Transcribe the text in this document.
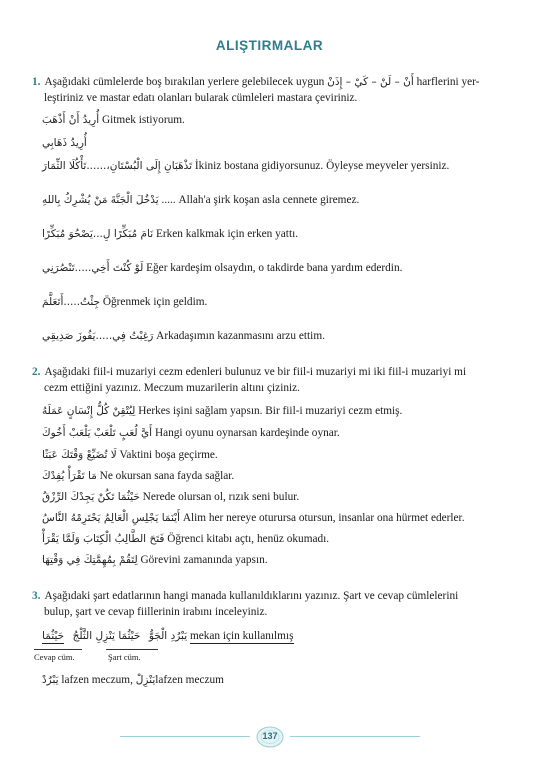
ALIŞTIRMALAR
1. Aşağıdaki cümlelerde boş bırakılan yerlere gelebilecek uygun أَنْ – لَنْ – كَيْ – إِذَنْ harflerini yer-
leştiriniz ve mastar edatı olanları bularak cümleleri mastara çeviriniz.
أُرِيدُ أَنْ أَذْهَبَ Gitmek istiyorum.
أُرِيدُ ذَهَابِي
تَذْهَبَانِ إِلَى الْبُسْتَانِ،......تَأْكُلَا الثِّمَارَ İkiniz bostana gidiyorsunuz. Öyleyse meyveler yersiniz.
يَدْخُلَ الْجَنَّةَ مَنْ يُشْرِكُ بِاللهِ ..... Allah'a şirk koşan asla cennete giremez.
نَامَ مُبَكِّرًا لِ...يَصْحُوَ مُبَكِّرًا Erken kalkmak için erken yattı.
لَوْ كُنْتَ أَخِي.....تَنْصُرَنِي Eğer kardeşim olsaydın, o takdirde bana yardım ederdin.
جِئْتُ.....أَتَعَلَّمَ Öğrenmek için geldim.
رَغِبْتُ فِي.....يَفُوزَ صَدِيقِي Arkadaşımın kazanmasını arzu ettim.
2. Aşağıdaki fiil-i muzariyi cezm edenleri bulunuz ve bir fiil-i muzariyi mi iki fiil-i muzariyi mi
cezm ettiğini yazınız. Meczum muzarilerin altını çiziniz.
لِيُتْقِنْ كُلُّ إِنْسَانٍ عَمَلَهُ Herkes işini sağlam yapsın. Bir fiil-i muzariyi cezm etmiş.
أَيَّ لُعَبٍ تَلْعَبْ يَلْعَبْ أَخُوكَ Hangi oyunu oynarsan kardeşinde oynar.
لَا تُضَيِّعْ وَقْتَكَ عَبَثًا Vaktini boşa geçirme.
مَا تَقْرَأْ يُفِدْكَ Ne okursan sana fayda sağlar.
حَيْثُمَا تَكُنْ يَجِدْكَ الرِّزْقُ Nerede olursan ol, rızık seni bulur.
أَيْنَمَا يَجْلِسِ الْعَالِمُ يَحْتَرِمْهُ النَّاسُ Alim her nereye oturursa otursun, insanlar ona hürmet ederler.
فَتَحَ الطَّالِبُ الْكِتَابَ وَلَمَّا يَقْرَأْ Öğrenci kitabı açtı, henüz okumadı.
لِتَقُمْ بِمُهِمَّتِكَ فِي وَقْتِهَا Görevini zamanında yapsın.
3. Aşağıdaki şart edatlarının hangi manada kullanıldıklarını yazınız. Şart ve cevap cümlelerini
bulup, şart ve cevap fiillerinin irabını inceleyiniz.
يَبْرُدِ الْجَوُّ   حَيْثُمَا يَنْزِلِ الثَّلْجُ   حَيْثُمَا	mekan için kullanılmış
Cevap cüm.	Şart cüm.
يَبْرُدْ lafzen meczum, يَنْزِلْlafzen meczum
137
